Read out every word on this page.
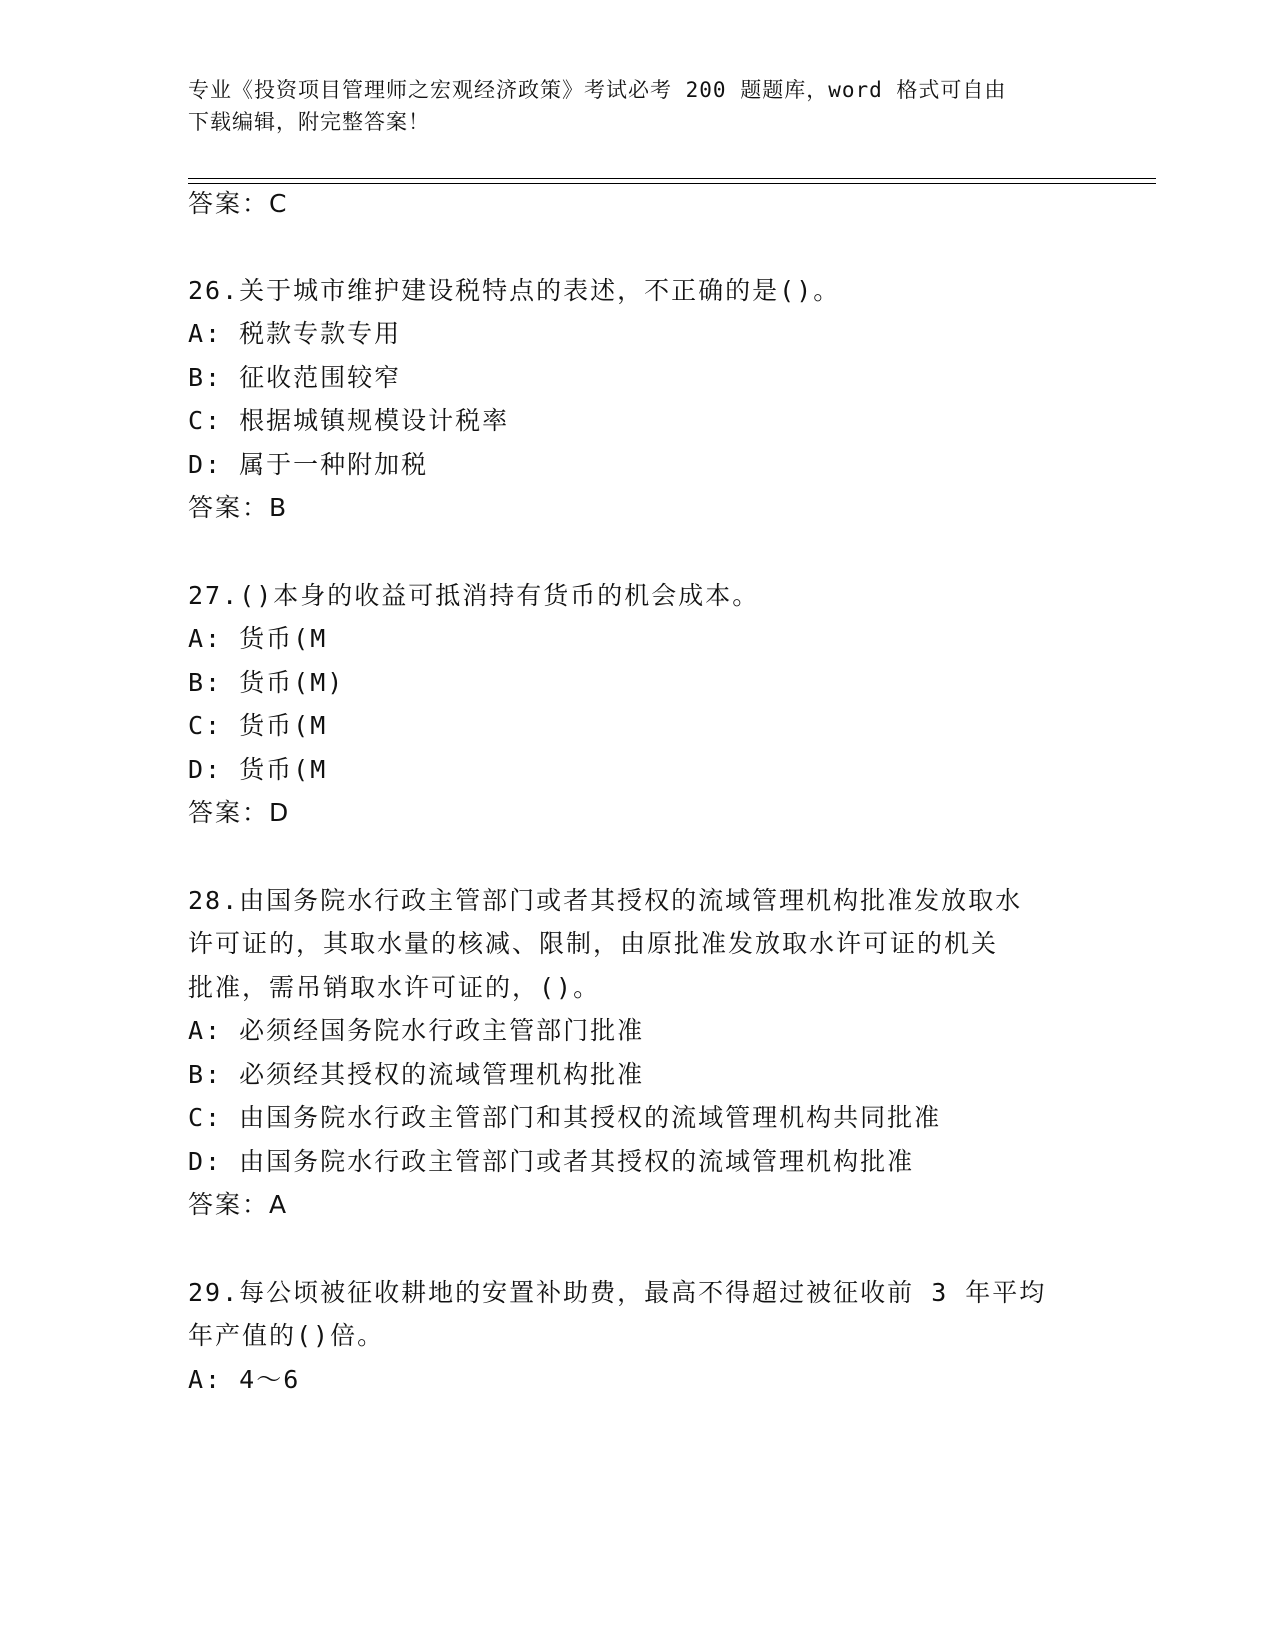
专业《投资项目管理师之宏观经济政策》考试必考 200 题题库，word 格式可自由
下载编辑，附完整答案！
答案：C
26.关于城市维护建设税特点的表述，不正确的是()。
A: 税款专款专用
B: 征收范围较窄
C: 根据城镇规模设计税率
D: 属于一种附加税
答案：B
27.()本身的收益可抵消持有货币的机会成本。
A: 货币(M
B: 货币(M)
C: 货币(M
D: 货币(M
答案：D
28.由国务院水行政主管部门或者其授权的流域管理机构批准发放取水
许可证的，其取水量的核减、限制，由原批准发放取水许可证的机关
批准，需吊销取水许可证的，()。
A: 必须经国务院水行政主管部门批准
B: 必须经其授权的流域管理机构批准
C: 由国务院水行政主管部门和其授权的流域管理机构共同批准
D: 由国务院水行政主管部门或者其授权的流域管理机构批准
答案：A
29.每公顷被征收耕地的安置补助费，最高不得超过被征收前 3 年平均
年产值的()倍。
A: 4～6
